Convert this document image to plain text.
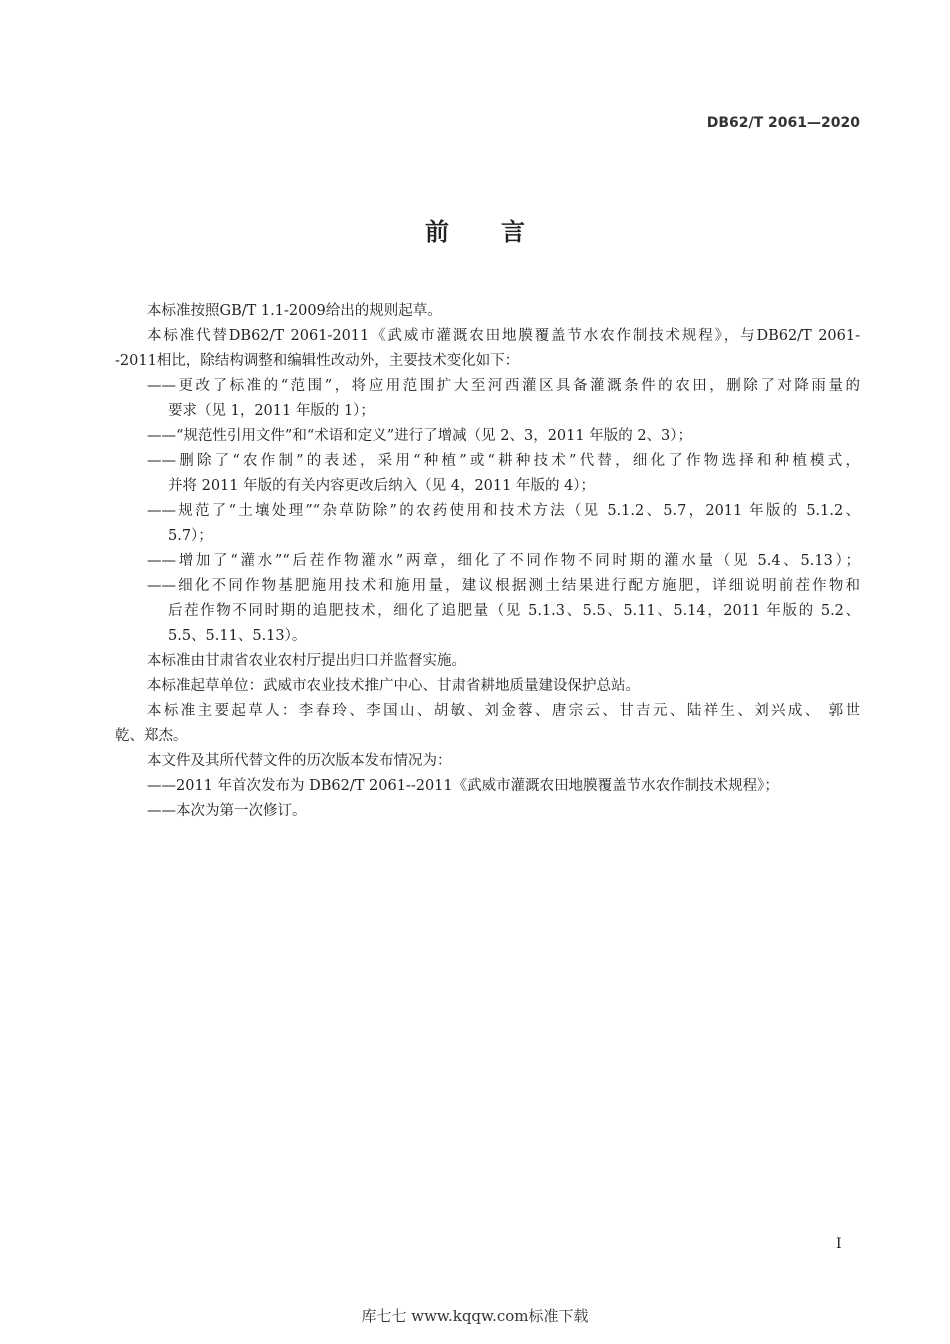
DB62/T 2061—2020
前言
本标准按照GB/T 1.1-2009给出的规则起草。
本标准代替DB62/T 2061-2011《武威市灌溉农田地膜覆盖节水农作制技术规程》，与DB62/T 2061-
-2011相比，除结构调整和编辑性改动外，主要技术变化如下：
——更改了标准的“范围”，将应用范围扩大至河西灌区具备灌溉条件的农田，删除了对降雨量的
要求（见 1，2011 年版的 1）；
——“规范性引用文件”和“术语和定义”进行了增减（见 2、3，2011 年版的 2、3）；
——删除了“农作制”的表述，采用“种植”或“耕种技术”代替，细化了作物选择和种植模式，
并将 2011 年版的有关内容更改后纳入（见 4，2011 年版的 4）；
——规范了“土壤处理”“杂草防除”的农药使用和技术方法（见 5.1.2、5.7，2011 年版的 5.1.2、
5.7）；
——增加了“灌水”“后茬作物灌水”两章，细化了不同作物不同时期的灌水量（见 5.4、5.13）；
——细化不同作物基肥施用技术和施用量，建议根据测土结果进行配方施肥，详细说明前茬作物和
后茬作物不同时期的追肥技术，细化了追肥量（见 5.1.3、5.5、5.11、5.14，2011 年版的 5.2、
5.5、5.11、5.13）。
本标准由甘肃省农业农村厅提出归口并监督实施。
本标准起草单位：武威市农业技术推广中心、甘肃省耕地质量建设保护总站。
本标准主要起草人：李春玲、李国山、胡敏、刘金蓉、唐宗云、甘吉元、陆祥生、刘兴成、 郭世
乾、郑杰。
本文件及其所代替文件的历次版本发布情况为：
——2011 年首次发布为 DB62/T 2061--2011《武威市灌溉农田地膜覆盖节水农作制技术规程》；
——本次为第一次修订。
I
库七七 www.kqqw.com标准下载
